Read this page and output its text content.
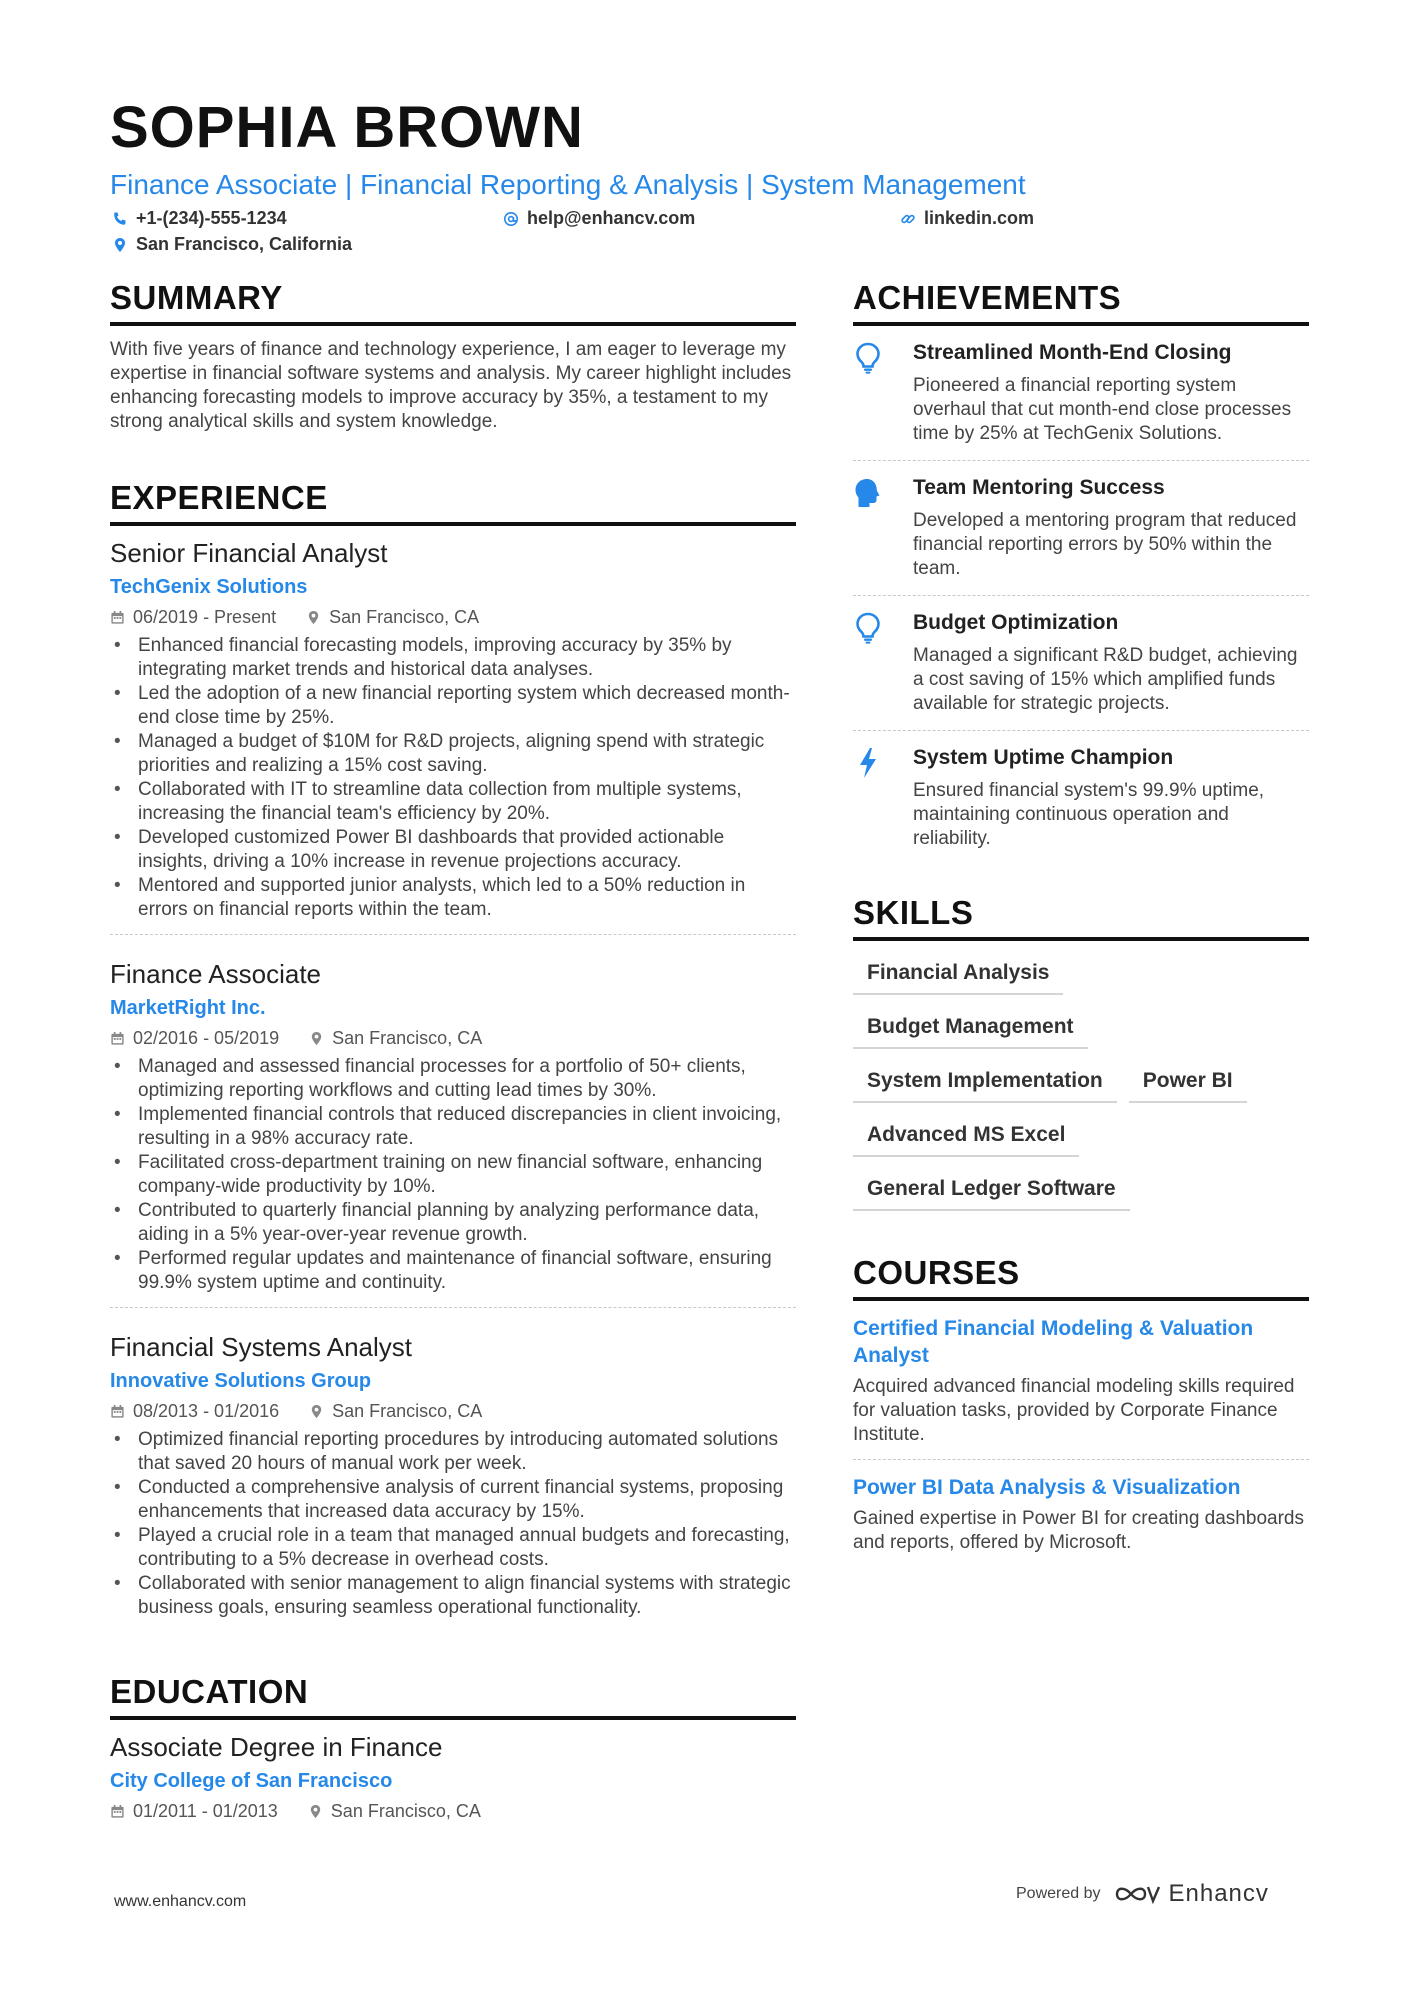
SOPHIA BROWN
Finance Associate | Financial Reporting & Analysis | System Management
+1-(234)-555-1234	help@enhancv.com	linkedin.com
San Francisco, California
SUMMARY

With five years of finance and technology experience, I am eager to leverage my expertise in financial software systems and analysis. My career highlight includes enhancing forecasting models to improve accuracy by 35%, a testament to my strong analytical skills and system knowledge.

EXPERIENCE
Senior Financial Analyst
TechGenix Solutions
06/2019 - Present	San Francisco, CA
• Enhanced financial forecasting models, improving accuracy by 35% by integrating market trends and historical data analyses.
• Led the adoption of a new financial reporting system which decreased month-end close time by 25%.
• Managed a budget of $10M for R&D projects, aligning spend with strategic priorities and realizing a 15% cost saving.
• Collaborated with IT to streamline data collection from multiple systems, increasing the financial team's efficiency by 20%.
• Developed customized Power BI dashboards that provided actionable insights, driving a 10% increase in revenue projections accuracy.
• Mentored and supported junior analysts, which led to a 50% reduction in errors on financial reports within the team.
Finance Associate
MarketRight Inc.
02/2016 - 05/2019	San Francisco, CA
• Managed and assessed financial processes for a portfolio of 50+ clients, optimizing reporting workflows and cutting lead times by 30%.
• Implemented financial controls that reduced discrepancies in client invoicing, resulting in a 98% accuracy rate.
• Facilitated cross-department training on new financial software, enhancing company-wide productivity by 10%.
• Contributed to quarterly financial planning by analyzing performance data, aiding in a 5% year-over-year revenue growth.
• Performed regular updates and maintenance of financial software, ensuring 99.9% system uptime and continuity.
Financial Systems Analyst
Innovative Solutions Group
08/2013 - 01/2016	San Francisco, CA
• Optimized financial reporting procedures by introducing automated solutions that saved 20 hours of manual work per week.
• Conducted a comprehensive analysis of current financial systems, proposing enhancements that increased data accuracy by 15%.
• Played a crucial role in a team that managed annual budgets and forecasting, contributing to a 5% decrease in overhead costs.
• Collaborated with senior management to align financial systems with strategic business goals, ensuring seamless operational functionality.
EDUCATION
Associate Degree in Finance
City College of San Francisco
01/2011 - 01/2013	San Francisco, CA
ACHIEVEMENTS
Streamlined Month-End Closing
Pioneered a financial reporting system overhaul that cut month-end close processes time by 25% at TechGenix Solutions.
Team Mentoring Success
Developed a mentoring program that reduced financial reporting errors by 50% within the team.
Budget Optimization
Managed a significant R&D budget, achieving a cost saving of 15% which amplified funds available for strategic projects.
System Uptime Champion
Ensured financial system's 99.9% uptime, maintaining continuous operation and reliability.
SKILLS
Financial Analysis
Budget Management
System Implementation	Power BI
Advanced MS Excel
General Ledger Software
COURSES
Certified Financial Modeling & Valuation Analyst
Acquired advanced financial modeling skills required for valuation tasks, provided by Corporate Finance Institute.
Power BI Data Analysis & Visualization
Gained expertise in Power BI for creating dashboards and reports, offered by Microsoft.
www.enhancv.com	Powered by	Enhancv
